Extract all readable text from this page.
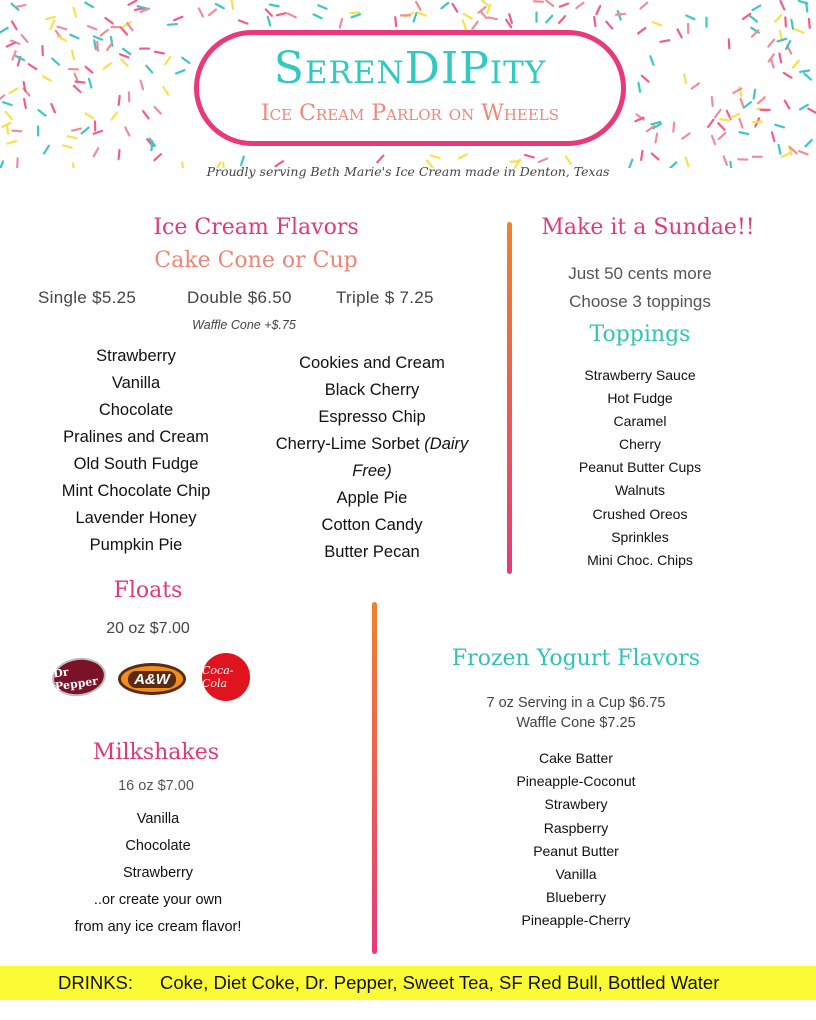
SerenDIPity
Ice Cream Parlor on Wheels
Proudly serving Beth Marie's Ice Cream made in Denton, Texas
Ice Cream Flavors
Cake Cone or Cup
Single $5.25	Double $6.50	Triple $ 7.25
Waffle Cone +$.75
Strawberry
Vanilla
Chocolate
Pralines and Cream
Old South Fudge
Mint Chocolate Chip
Lavender Honey
Pumpkin Pie
Cookies and Cream
Black Cherry
Espresso Chip
Cherry-Lime Sorbet (Dairy
Free)
Apple Pie
Cotton Candy
Butter Pecan
Make it a Sundae!!
Just 50 cents more
Choose 3 toppings
Toppings
Strawberry Sauce
Hot Fudge
Caramel
Cherry
Peanut Butter Cups
Walnuts
Crushed Oreos
Sprinkles
Mini Choc. Chips
Floats
20 oz $7.00
Dr Pepper	A&W	Coca-Cola
Milkshakes
16 oz $7.00
Vanilla
Chocolate
Strawberry
..or create your own
from any ice cream flavor!
Frozen Yogurt Flavors
7 oz Serving in a Cup $6.75
Waffle Cone $7.25
Cake Batter
Pineapple-Coconut
Strawbery
Raspberry
Peanut Butter
Vanilla
Blueberry
Pineapple-Cherry
DRINKS: Coke, Diet Coke, Dr. Pepper, Sweet Tea, SF Red Bull, Bottled Water
